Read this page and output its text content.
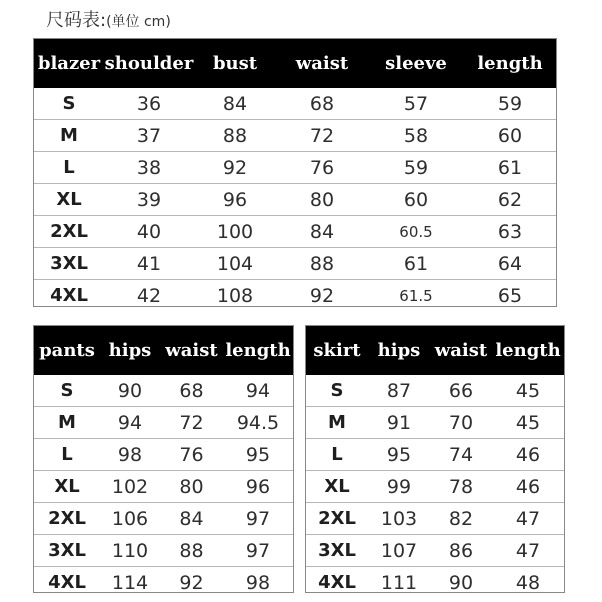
尺码表:(单位 cm)
blazer	shoulder	bust	waist	sleeve	length
S	36	84	68	57	59
M	37	88	72	58	60
L	38	92	76	59	61
XL	39	96	80	60	62
2XL	40	100	84	60.5	63
3XL	41	104	88	61	64
4XL	42	108	92	61.5	65
pants	hips	waist	length
S	90	68	94
M	94	72	94.5
L	98	76	95
XL	102	80	96
2XL	106	84	97
3XL	110	88	97
4XL	114	92	98
skirt	hips	waist	length
S	87	66	45
M	91	70	45
L	95	74	46
XL	99	78	46
2XL	103	82	47
3XL	107	86	47
4XL	111	90	48
